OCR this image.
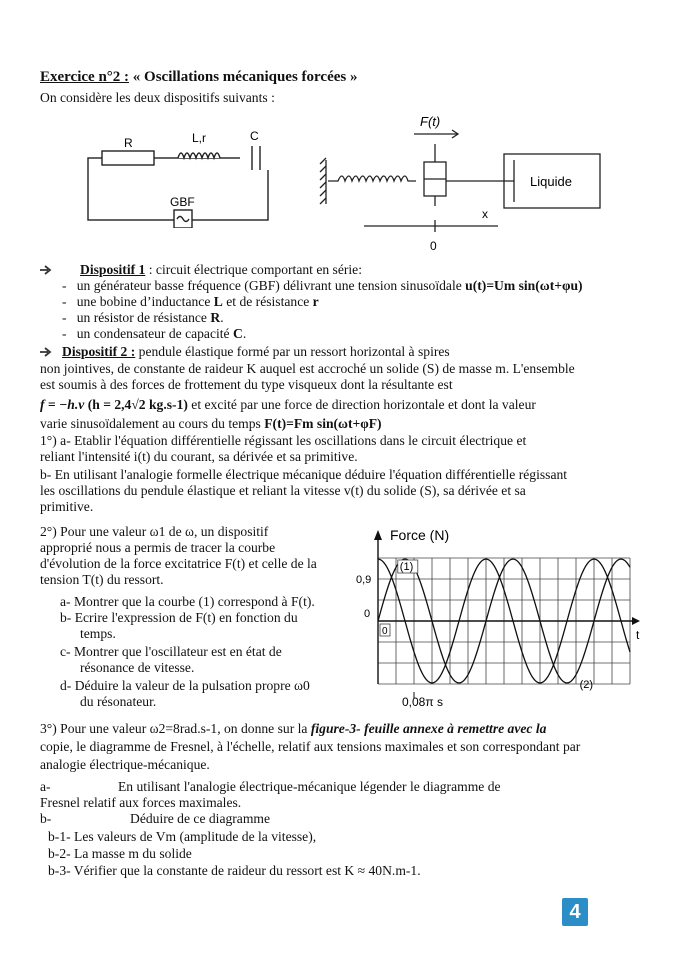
Exercice n°2 : « Oscillations mécaniques forcées »
On considère les deux dispositifs suivants :
R	L,r	C
GBF
F(t)
Liquide
x
0
Dispositif 1 : circuit électrique comportant en série:
-   un générateur basse fréquence (GBF) délivrant une tension sinusoïdale u(t)=Um sin(ωt+φu)
-   une bobine d’inductance L et de résistance r
-   un résistor de résistance R.
-   un condensateur de capacité C.
Dispositif 2 : pendule élastique formé par un ressort horizontal à spires
non jointives, de constante de raideur K auquel est accroché un solide (S) de masse m. L'ensemble
est soumis à des forces de frottement du type visqueux dont la résultante est
f = −h.v (h = 2,4√2 kg.s-1) et excité par une force de direction horizontale et dont la valeur
varie sinusoïdalement au cours du temps F(t)=Fm sin(ωt+φF)
1°) a- Etablir l'équation différentielle régissant les oscillations dans le circuit électrique et
reliant l'intensité i(t) du courant, sa dérivée et sa primitive.
b- En utilisant l'analogie formelle électrique mécanique déduire l'équation différentielle régissant
les oscillations du pendule élastique et reliant la vitesse v(t) du solide (S), sa dérivée et sa
primitive.
2°) Pour une valeur ω1 de ω, un dispositif
approprié nous a permis de tracer la courbe
d'évolution de la force excitatrice F(t) et celle de la
tension T(t) du ressort.
a- Montrer que la courbe (1) correspond à F(t).
b- Ecrire l'expression de F(t) en fonction du
temps.
c- Montrer que l'oscillateur est en état de
résonance de vitesse.
d- Déduire la valeur de la pulsation propre ω0
du résonateur.
Force (N)
0,9
0
0	t
0,08π s
(1)
(2)
3°) Pour une valeur ω2=8rad.s-1, on donne sur la figure-3- feuille annexe à remettre avec la
copie, le diagramme de Fresnel, à l'échelle, relatif aux tensions maximales et son correspondant par
analogie électrique-mécanique.
a-	En utilisant l'analogie électrique-mécanique légender le diagramme de
Fresnel relatif aux forces maximales.
b-	Déduire de ce diagramme
b-1- Les valeurs de Vm (amplitude de la vitesse),
b-2- La masse m du solide
b-3- Vérifier que la constante de raideur du ressort est K ≈ 40N.m-1.
4
